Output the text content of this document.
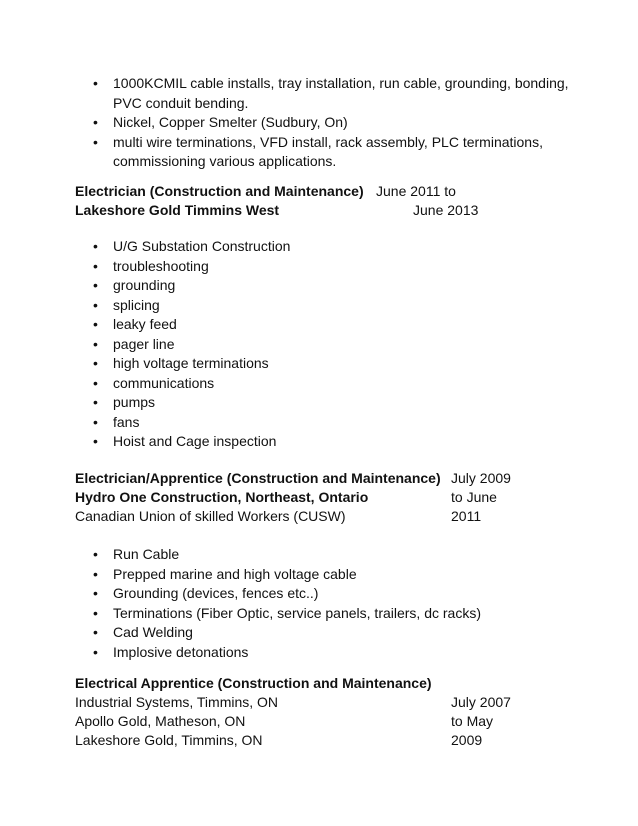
• 1000KCMIL cable installs, tray installation, run cable, grounding, bonding, PVC conduit bending.
• Nickel, Copper Smelter (Sudbury, On)
• multi wire terminations, VFD install, rack assembly, PLC terminations, commissioning various applications.
Electrician (Construction and Maintenance) June 2011 to
Lakeshore Gold Timmins West	June 2013
• U/G Substation Construction
• troubleshooting
• grounding
• splicing
• leaky feed
• pager line
• high voltage terminations
• communications
• pumps
• fans
• Hoist and Cage inspection
Electrician/Apprentice (Construction and Maintenance) July 2009
Hydro One Construction, Northeast, Ontario	to June
Canadian Union of skilled Workers (CUSW)	2011
• Run Cable
• Prepped marine and high voltage cable
• Grounding (devices, fences etc..)
• Terminations (Fiber Optic, service panels, trailers, dc racks)
• Cad Welding
• Implosive detonations
Electrical Apprentice (Construction and Maintenance)
Industrial Systems, Timmins, ON	July 2007
Apollo Gold, Matheson, ON	to May
Lakeshore Gold, Timmins, ON	2009
